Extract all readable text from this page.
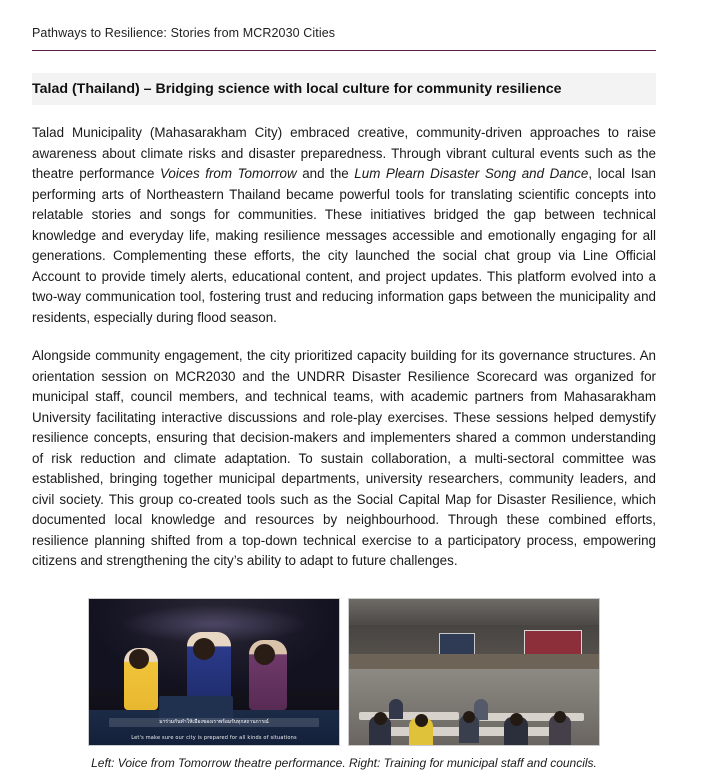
Pathways to Resilience: Stories from MCR2030 Cities
Talad (Thailand) – Bridging science with local culture for community resilience

Talad Municipality (Mahasarakham City) embraced creative, community-driven approaches to raise awareness about climate risks and disaster preparedness. Through vibrant cultural events such as the theatre performance Voices from Tomorrow and the Lum Plearn Disaster Song and Dance, local Isan performing arts of Northeastern Thailand became powerful tools for translating scientific concepts into relatable stories and songs for communities. These initiatives bridged the gap between technical knowledge and everyday life, making resilience messages accessible and emotionally engaging for all generations. Complementing these efforts, the city launched the social chat group via Line Official Account to provide timely alerts, educational content, and project updates. This platform evolved into a two-way communication tool, fostering trust and reducing information gaps between the municipality and residents, especially during flood season.

Alongside community engagement, the city prioritized capacity building for its governance structures. An orientation session on MCR2030 and the UNDRR Disaster Resilience Scorecard was organized for municipal staff, council members, and technical teams, with academic partners from Mahasarakham University facilitating interactive discussions and role-play exercises. These sessions helped demystify resilience concepts, ensuring that decision-makers and implementers shared a common understanding of risk reduction and climate adaptation. To sustain collaboration, a multi-sectoral committee was established, bringing together municipal departments, university researchers, community leaders, and civil society. This group co-created tools such as the Social Capital Map for Disaster Resilience, which documented local knowledge and resources by neighbourhood. Through these combined efforts, resilience planning shifted from a top-down technical exercise to a participatory process, empowering citizens and strengthening the city’s ability to adapt to future challenges.

มาร่วมกันทำให้เมืองของเราพร้อมรับทุกสถานการณ์
Let's make sure our city is prepared for all kinds of situations
Left: Voice from Tomorrow theatre performance. Right: Training for municipal staff and councils.
